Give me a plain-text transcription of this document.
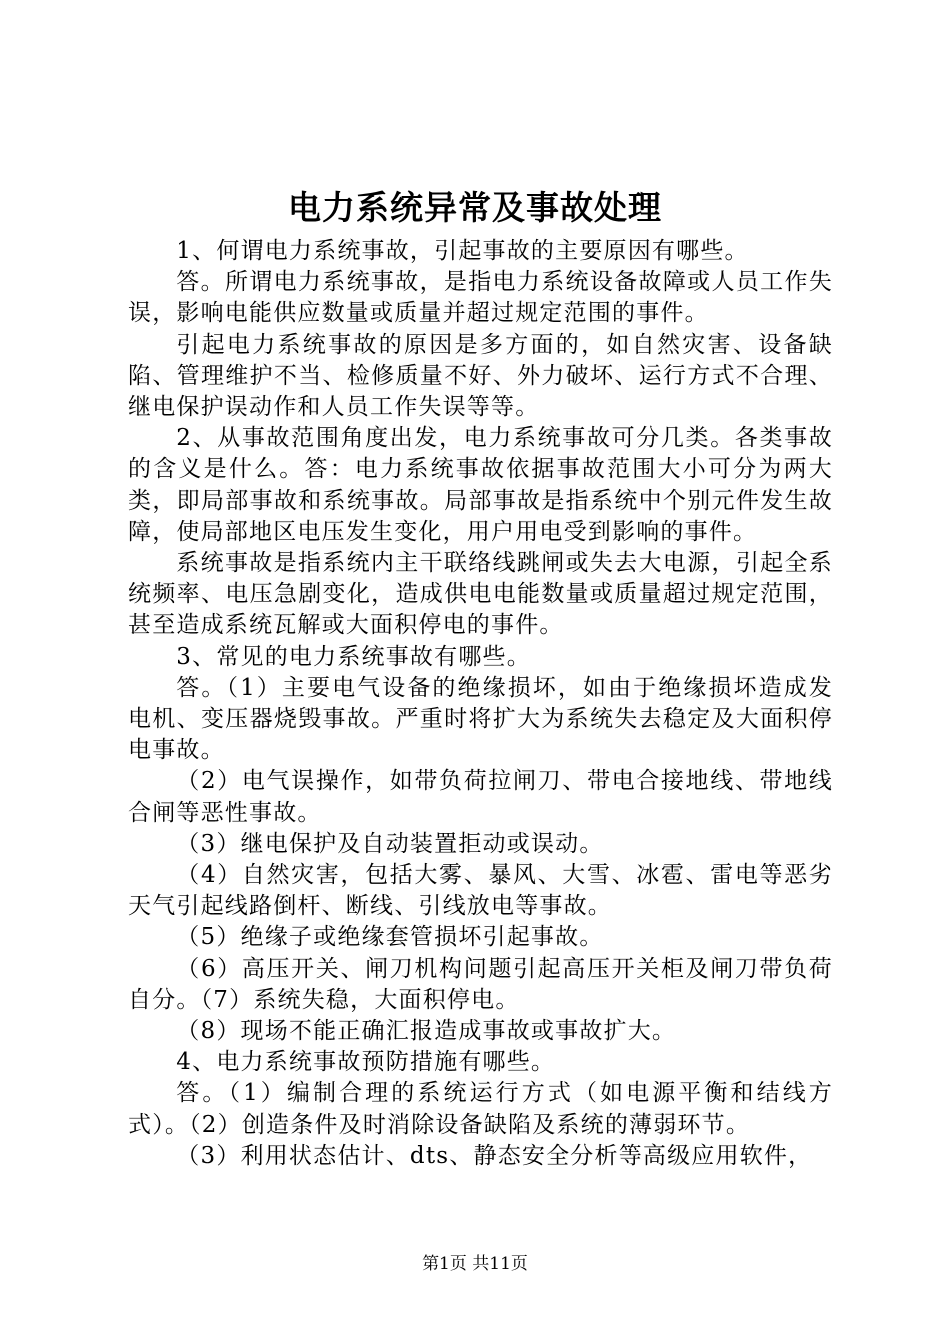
电力系统异常及事故处理

1、何谓电力系统事故，引起事故的主要原因有哪些。

答。所谓电力系统事故，是指电力系统设备故障或人员工作失误，影响电能供应数量或质量并超过规定范围的事件。

引起电力系统事故的原因是多方面的，如自然灾害、设备缺陷、管理维护不当、检修质量不好、外力破坏、运行方式不合理、继电保护误动作和人员工作失误等等。

2、从事故范围角度出发，电力系统事故可分几类。各类事故的含义是什么。答：电力系统事故依据事故范围大小可分为两大类，即局部事故和系统事故。局部事故是指系统中个别元件发生故障，使局部地区电压发生变化，用户用电受到影响的事件。

系统事故是指系统内主干联络线跳闸或失去大电源，引起全系统频率、电压急剧变化，造成供电电能数量或质量超过规定范围，甚至造成系统瓦解或大面积停电的事件。

3、常见的电力系统事故有哪些。

答。（1）主要电气设备的绝缘损坏，如由于绝缘损坏造成发电机、变压器烧毁事故。严重时将扩大为系统失去稳定及大面积停电事故。

（2）电气误操作，如带负荷拉闸刀、带电合接地线、带地线合闸等恶性事故。

（3）继电保护及自动装置拒动或误动。

（4）自然灾害，包括大雾、暴风、大雪、冰雹、雷电等恶劣天气引起线路倒杆、断线、引线放电等事故。

（5）绝缘子或绝缘套管损坏引起事故。

（6）高压开关、闸刀机构问题引起高压开关柜及闸刀带负荷自分。（7）系统失稳，大面积停电。

（8）现场不能正确汇报造成事故或事故扩大。

4、电力系统事故预防措施有哪些。

答。（1）编制合理的系统运行方式（如电源平衡和结线方式）。（2）创造条件及时消除设备缺陷及系统的薄弱环节。

（3）利用状态估计、dts、静态安全分析等高级应用软件，

第1页 共11页
